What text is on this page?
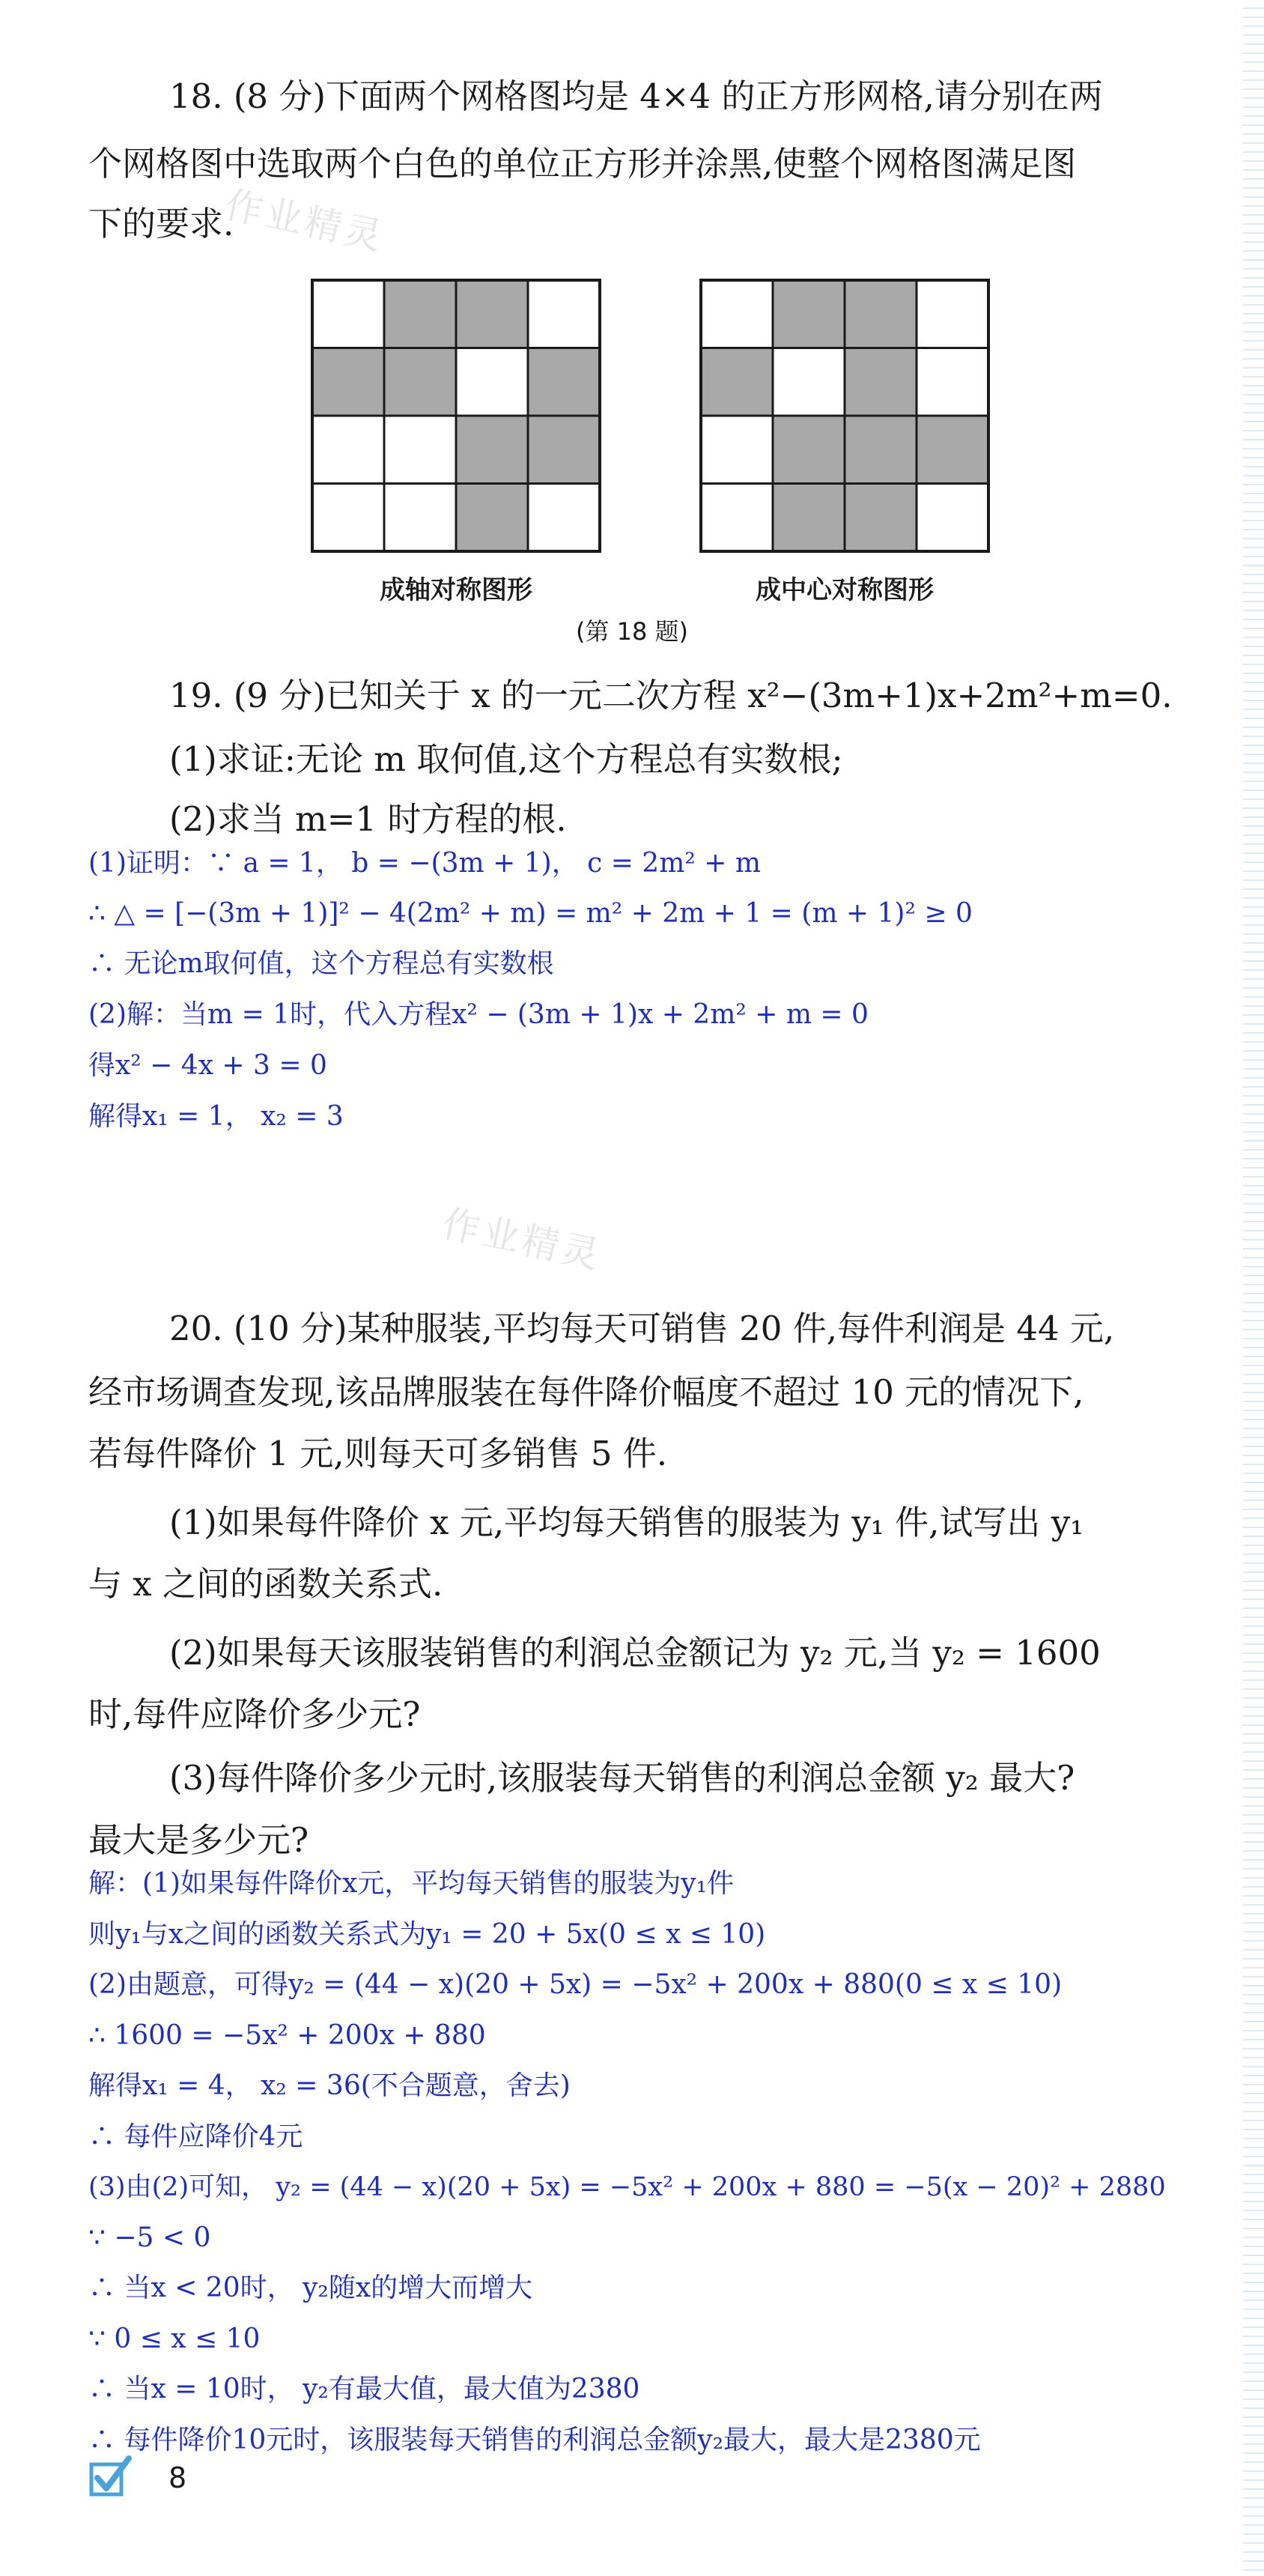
作业精灵
作业精灵
18. (8 分)下面两个网格图均是 4×4 的正方形网格,请分别在两
个网格图中选取两个白色的单位正方形并涂黑,使整个网格图满足图
下的要求.
成轴对称图形	成中心对称图形
(第 18 题)
19. (9 分)已知关于 x 的一元二次方程 x²−(3m+1)x+2m²+m=0.
(1)求证:无论 m 取何值,这个方程总有实数根;
(2)求当 m=1 时方程的根.
(1)证明：∵ a = 1， b = −(3m + 1)， c = 2m² + m
∴ △ = [−(3m + 1)]² − 4(2m² + m) = m² + 2m + 1 = (m + 1)² ≥ 0
∴ 无论m取何值，这个方程总有实数根
(2)解：当m = 1时，代入方程x² − (3m + 1)x + 2m² + m = 0
得x² − 4x + 3 = 0
解得x₁ = 1， x₂ = 3
20. (10 分)某种服装,平均每天可销售 20 件,每件利润是 44 元,
经市场调查发现,该品牌服装在每件降价幅度不超过 10 元的情况下,
若每件降价 1 元,则每天可多销售 5 件.
(1)如果每件降价 x 元,平均每天销售的服装为 y₁ 件,试写出 y₁
与 x 之间的函数关系式.
(2)如果每天该服装销售的利润总金额记为 y₂ 元,当 y₂ = 1600
时,每件应降价多少元?
(3)每件降价多少元时,该服装每天销售的利润总金额 y₂ 最大?
最大是多少元?
解：(1)如果每件降价x元，平均每天销售的服装为y₁件
则y₁与x之间的函数关系式为y₁ = 20 + 5x(0 ≤ x ≤ 10)
(2)由题意，可得y₂ = (44 − x)(20 + 5x) = −5x² + 200x + 880(0 ≤ x ≤ 10)
∴ 1600 = −5x² + 200x + 880
解得x₁ = 4， x₂ = 36(不合题意，舍去)
∴ 每件应降价4元
(3)由(2)可知， y₂ = (44 − x)(20 + 5x) = −5x² + 200x + 880 = −5(x − 20)² + 2880
∵ −5 < 0
∴ 当x < 20时， y₂随x的增大而增大
∵ 0 ≤ x ≤ 10
∴ 当x = 10时， y₂有最大值，最大值为2380
∴ 每件降价10元时，该服装每天销售的利润总金额y₂最大，最大是2380元
8
